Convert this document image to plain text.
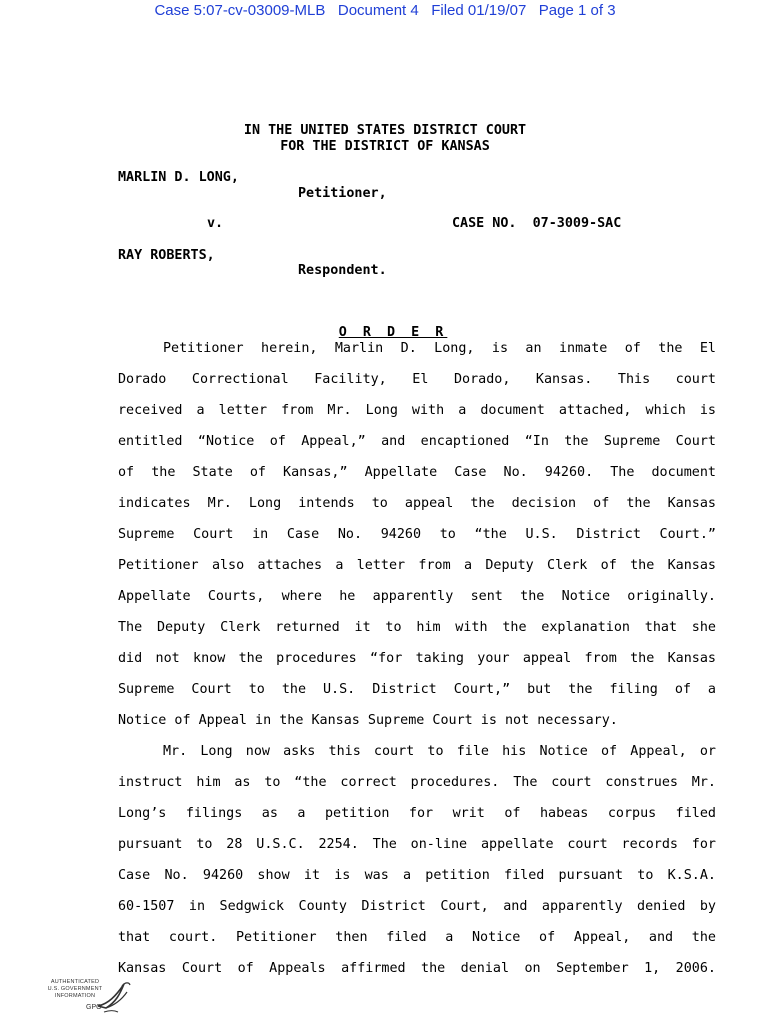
Case 5:07-cv-03009-MLB   Document 4   Filed 01/19/07   Page 1 of 3
IN THE UNITED STATES DISTRICT COURT
FOR THE DISTRICT OF KANSAS
MARLIN D. LONG,
Petitioner,
v.	CASE NO.  07-3009-SAC
RAY ROBERTS,
Respondent.

O R D E R

Petitioner herein, Marlin D. Long, is an inmate of the El
Dorado Correctional Facility, El Dorado, Kansas. This court
received a letter from Mr. Long with a document attached, which is
entitled “Notice of Appeal,” and encaptioned “In the Supreme Court
of the State of Kansas,” Appellate Case No. 94260. The document
indicates Mr. Long intends to appeal the decision of the Kansas
Supreme Court in Case No. 94260 to “the U.S. District Court.”
Petitioner also attaches a letter from a Deputy Clerk of the Kansas
Appellate Courts, where he apparently sent the Notice originally.
The Deputy Clerk returned it to him with the explanation that she
did not know the procedures “for taking your appeal from the Kansas
Supreme Court to the U.S. District Court,” but the filing of a
Notice of Appeal in the Kansas Supreme Court is not necessary.
Mr. Long now asks this court to file his Notice of Appeal, or
instruct him as to “the correct procedures. The court construes Mr.
Long’s filings as a petition for writ of habeas corpus filed
pursuant to 28 U.S.C. 2254. The on-line appellate court records for
Case No. 94260 show it is was a petition filed pursuant to K.S.A.
60-1507 in Sedgwick County District Court, and apparently denied by
that court. Petitioner then filed a Notice of Appeal, and the
Kansas Court of Appeals affirmed the denial on September 1, 2006.
AUTHENTICATED
U.S. GOVERNMENT
INFORMATION
GPO
